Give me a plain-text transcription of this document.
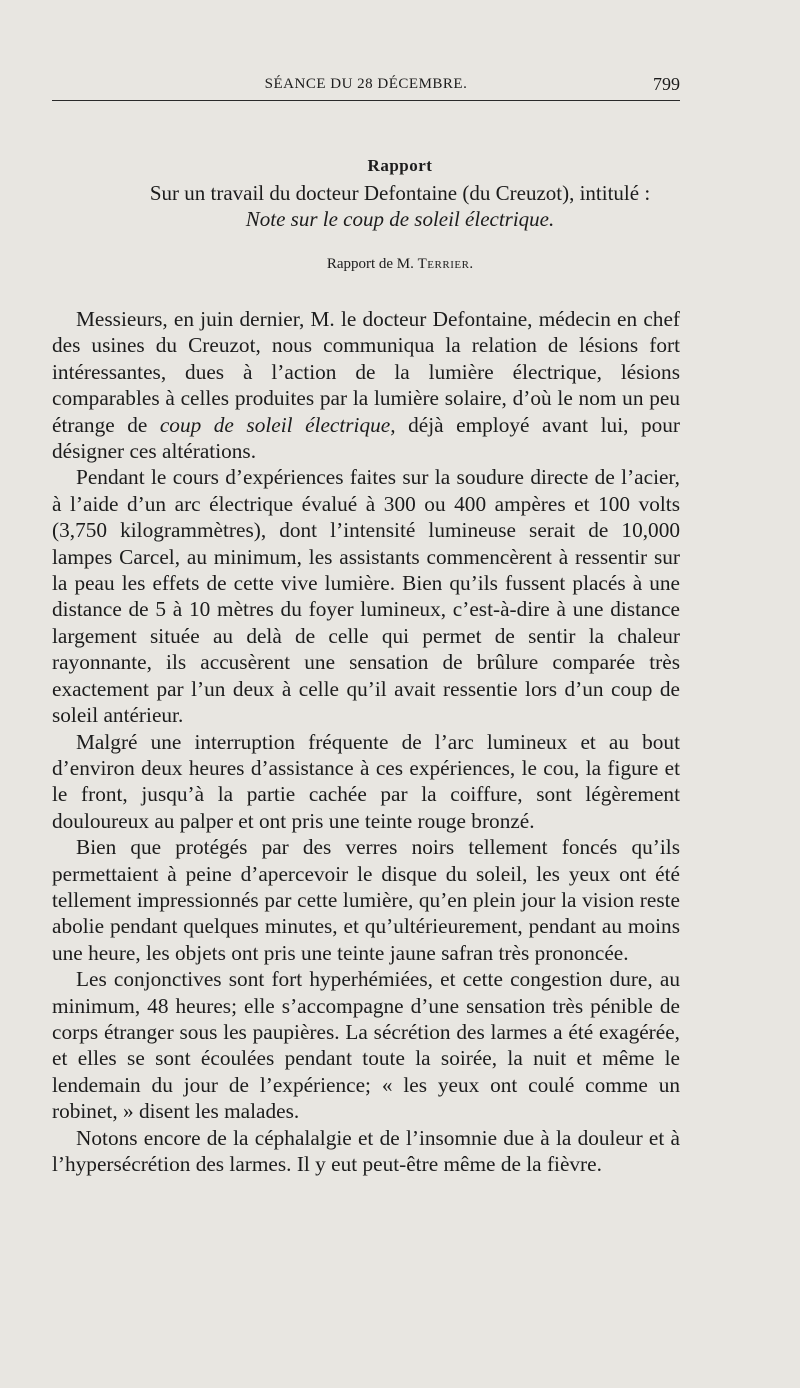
SÉANCE DU 28 DÉCEMBRE.	799
Rapport
Sur un travail du docteur Defontaine (du Creuzot), intitulé :
Note sur le coup de soleil électrique.
Rapport de M. Terrier.

Messieurs, en juin dernier, M. le docteur Defontaine, médecin en chef des usines du Creuzot, nous communiqua la relation de lésions fort intéressantes, dues à l’action de la lumière électrique, lésions comparables à celles produites par la lumière solaire, d’où le nom un peu étrange de coup de soleil électrique, déjà employé avant lui, pour désigner ces altérations.

Pendant le cours d’expériences faites sur la soudure directe de l’acier, à l’aide d’un arc électrique évalué à 300 ou 400 ampères et 100 volts (3,750 kilogrammètres), dont l’intensité lumineuse serait de 10,000 lampes Carcel, au minimum, les assistants commencèrent à ressentir sur la peau les effets de cette vive lumière. Bien qu’ils fussent placés à une distance de 5 à 10 mètres du foyer lumineux, c’est-à-dire à une distance largement située au delà de celle qui permet de sentir la chaleur rayonnante, ils accusèrent une sensation de brûlure comparée très exactement par l’un deux à celle qu’il avait ressentie lors d’un coup de soleil antérieur.

Malgré une interruption fréquente de l’arc lumineux et au bout d’environ deux heures d’assistance à ces expériences, le cou, la figure et le front, jusqu’à la partie cachée par la coiffure, sont légèrement douloureux au palper et ont pris une teinte rouge bronzé.

Bien que protégés par des verres noirs tellement foncés qu’ils permettaient à peine d’apercevoir le disque du soleil, les yeux ont été tellement impressionnés par cette lumière, qu’en plein jour la vision reste abolie pendant quelques minutes, et qu’ultérieurement, pendant au moins une heure, les objets ont pris une teinte jaune safran très prononcée.

Les conjonctives sont fort hyperhémiées, et cette congestion dure, au minimum, 48 heures; elle s’accompagne d’une sensation très pénible de corps étranger sous les paupières. La sécrétion des larmes a été exagérée, et elles se sont écoulées pendant toute la soirée, la nuit et même le lendemain du jour de l’expérience; « les yeux ont coulé comme un robinet, » disent les malades.

Notons encore de la céphalalgie et de l’insomnie due à la douleur et à l’hypersécrétion des larmes. Il y eut peut-être même de la fièvre.
